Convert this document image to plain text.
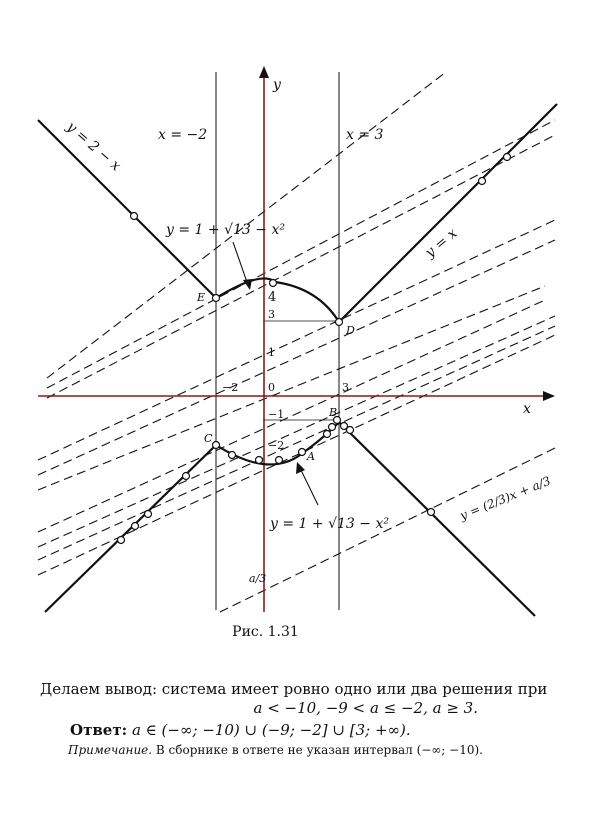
x
y
−2	0	3
1
3
4
−1
−2
E
D
C
B
A
x = −2	x = 3
y = 2 − x
y = x
y = 1 + √13 − x²
y = 1 + √13 − x²
y = (2/3)x + a/3
a/3
Рис. 1.31
Делаем вывод: система имеет ровно одно или два решения при
a < −10, −9 < a ≤ −2, a ≥ 3.
Ответ: a ∈ (−∞; −10) ∪ (−9; −2] ∪ [3; +∞).
Примечание. В сборнике в ответе не указан интервал (−∞; −10).
